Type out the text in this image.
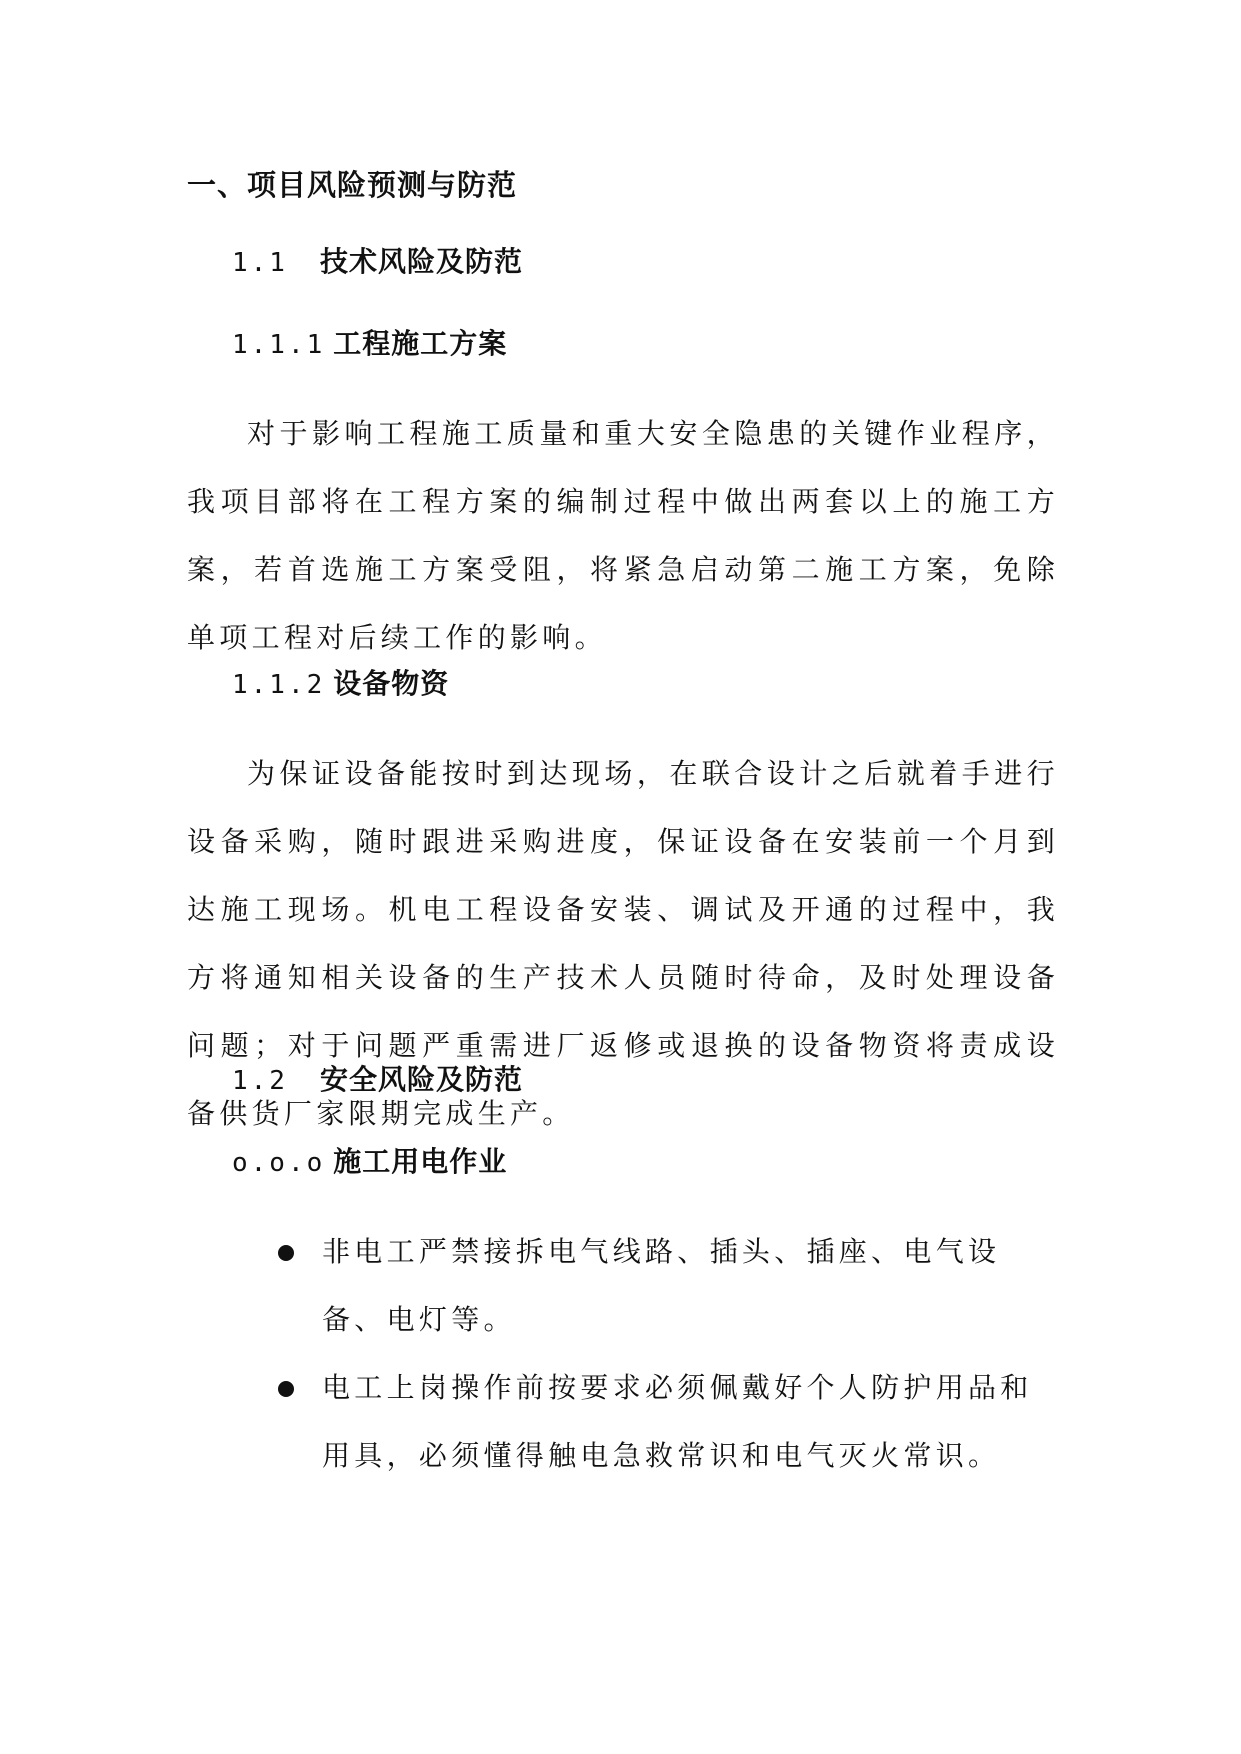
一、项目风险预测与防范
1.1 技术风险及防范
1.1.1 工程施工方案

对于影响工程施工质量和重大安全隐患的关键作业程序，我项目部将在工程方案的编制过程中做出两套以上的施工方案，若首选施工方案受阻，将紧急启动第二施工方案，免除单项工程对后续工作的影响。

1.1.2 设备物资

为保证设备能按时到达现场，在联合设计之后就着手进行设备采购，随时跟进采购进度，保证设备在安装前一个月到达施工现场。机电工程设备安装、调试及开通的过程中，我方将通知相关设备的生产技术人员随时待命，及时处理设备问题；对于问题严重需进厂返修或退换的设备物资将责成设备供货厂家限期完成生产。

1.2 安全风险及防范
o.o.o 施工用电作业
非电工严禁接拆电气线路、插头、插座、电气设备、电灯等。
电工上岗操作前按要求必须佩戴好个人防护用品和用具，必须懂得触电急救常识和电气灭火常识。
